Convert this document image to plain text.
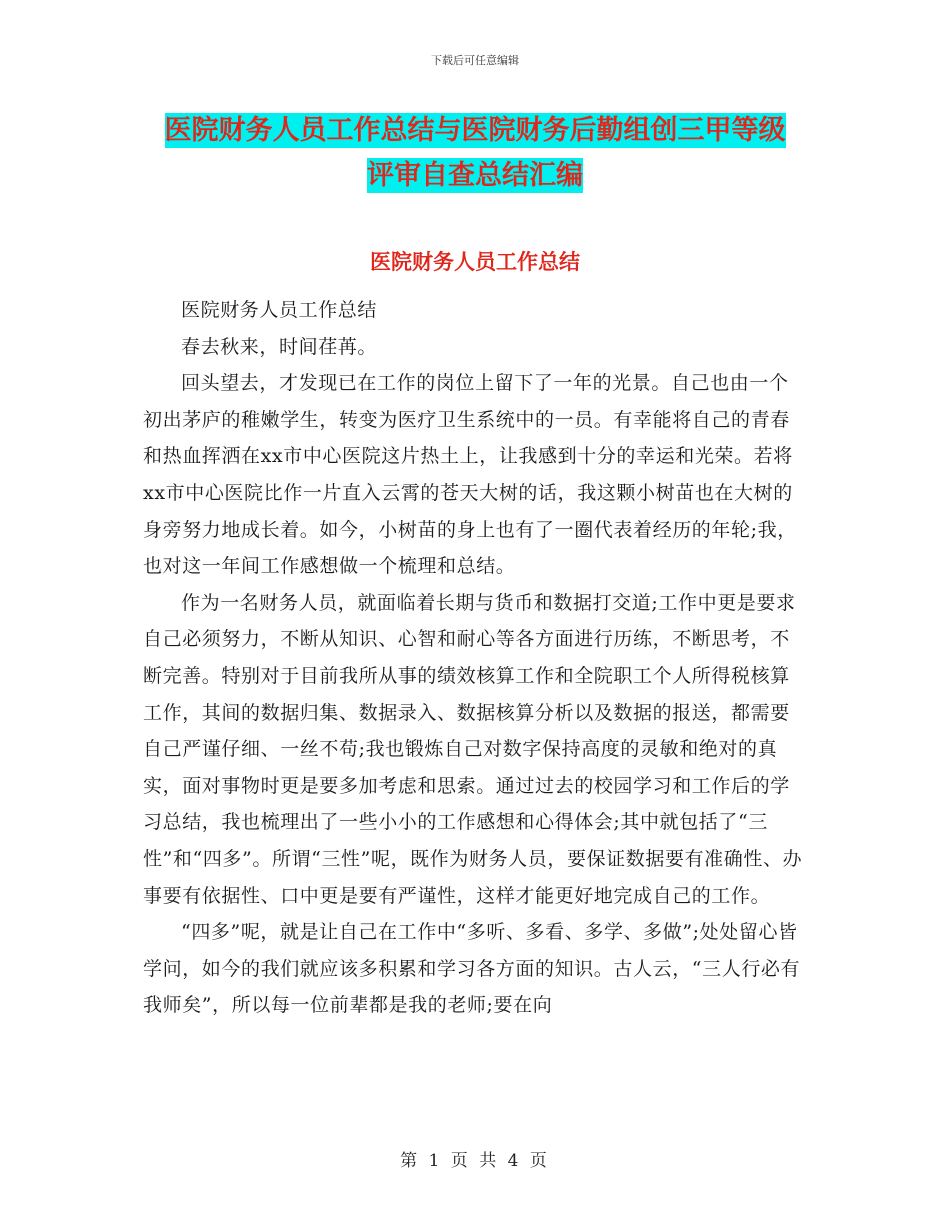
下载后可任意编辑
医院财务人员工作总结与医院财务后勤组创三甲等级
评审自查总结汇编
医院财务人员工作总结

医院财务人员工作总结

春去秋来，时间荏苒。

回头望去，才发现已在工作的岗位上留下了一年的光景。自己也由一个初出茅庐的稚嫩学生，转变为医疗卫生系统中的一员。有幸能将自己的青春和热血挥洒在xx市中心医院这片热土上，让我感到十分的幸运和光荣。若将xx市中心医院比作一片直入云霄的苍天大树的话，我这颗小树苗也在大树的身旁努力地成长着。如今，小树苗的身上也有了一圈代表着经历的年轮;我，也对这一年间工作感想做一个梳理和总结。

作为一名财务人员，就面临着长期与货币和数据打交道;工作中更是要求自己必须努力，不断从知识、心智和耐心等各方面进行历练，不断思考，不断完善。特别对于目前我所从事的绩效核算工作和全院职工个人所得税核算工作，其间的数据归集、数据录入、数据核算分析以及数据的报送，都需要自己严谨仔细、一丝不苟;我也锻炼自己对数字保持高度的灵敏和绝对的真实，面对事物时更是要多加考虑和思索。通过过去的校园学习和工作后的学习总结，我也梳理出了一些小小的工作感想和心得体会;其中就包括了“三性”和“四多”。所谓“三性”呢，既作为财务人员，要保证数据要有准确性、办事要有依据性、口中更是要有严谨性，这样才能更好地完成自己的工作。

“四多”呢，就是让自己在工作中“多听、多看、多学、多做”;处处留心皆学问，如今的我们就应该多积累和学习各方面的知识。古人云，“三人行必有我师矣”，所以每一位前辈都是我的老师;要在向

第 1 页 共 4 页
